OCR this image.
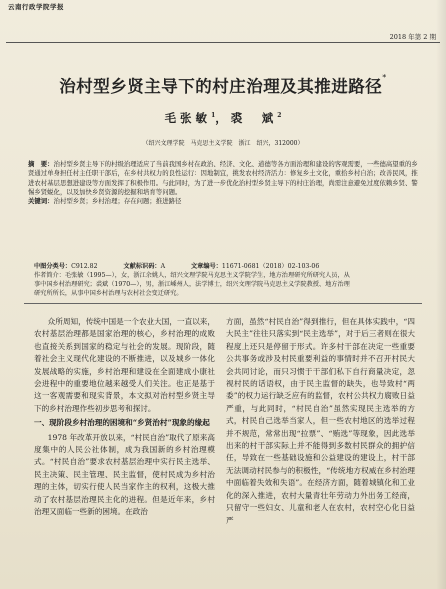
云南行政学院学报
2018 年第 2 期
治村型乡贤主导下的村庄治理及其推进路径*
毛张敏$^1$，裘　斌$^2$
（绍兴文理学院　马克思主义学院　浙江　绍兴，312000）

摘　要：治村型乡贤主导下的村级治理适应了当前我国乡村在政治、经济、文化、道德等各方面治理和建设的客观需要，一些德高望重的乡贤通过单身担任村主任职干部后，在乡村共权力的良性运行：因地制宜，挑发农村经济活力：修复乡土文化，重拾乡村自治；改善民风，推进农村基层思想进建设等方面发挥了积极作用。与此同时，为了进一步优化治村型乡贤主导下的村庄治理，尚需注意避免过度依赖乡贤、警惕乡贤蜕化，以及加快乡贤资源的挖掘和培育等问题。

关键词：治村型乡贤；乡村治理；存在问题；推进路径

中图分类号：C912.82	文献标识码：A	文章编号：11671-0681（2018）02-103-06
作者简介：毛张敏（1995—），女，浙江余姚人，绍兴文理学院马克思主义学院学生，地方治理研究所研究人员，从
事中国乡村治理研究；裘斌（1970—），男，浙江嵊州人，法学博士，绍兴文理学院马克思主义学院教授、地方治理
研究所所长，从事中国乡村治理与农村社会变迁研究。

众所周知，传统中国是一个农业大国，一直以来，农村基层治理都是国家治理的核心，乡村治理的成败也直接关系到国家的稳定与社会的发展。现阶段，随着社会主义现代化建设的不断推进，以及城乡一体化发展战略的实施，乡村治理和建设在全面建成小康社会进程中的重要地位越来越受人们关注。也正是基于这一客观需要和现实背景，本文拟对治村型乡贤主导下的乡村治理作些初步思考和探讨。

一、现阶段乡村治理的困境和“乡贤治村”现象的缘起

1978 年改革开放以来，“村民自治”取代了原来高度集中的人民公社体制，成为我国新的乡村治理模式。“村民自治”要求农村基层治理中实行民主选举、民主决策、民主管理、民主监督，使村民成为乡村治理的主体，切实行使人民当家作主的权利，这极大推动了农村基层治理民主化的进程。但是近年来，乡村治理又面临一些新的困境。在政治

方面，虽然“村民自治”得到推行，但在具体实践中，“四大民主”往往只落实到“民主选举”，对于后三者则在很大程度上还只是停留于形式。许多村干部在决定一些重要公共事务或涉及村民重要利益的事情时并不召开村民大会共同讨论，而只习惯于干部们私下自行商量决定，忽视村民的话语权，由于民主监督的缺失，也导致村“两委”的权力运行缺乏应有的监督，农村公共权力腐败日益严重，与此同时，“村民自治”虽然实现民主选举的方式，村民自己选举当家人，但一些农村地区的选举过程并不规范，常常出现“拉票”、“贿选”等现象，因此选举出来的村干部实际上并不能得到多数村民群众的拥护信任，导致在一些基础设施和公益建设的建设上，村干部无法调动村民参与的积极性，“传统地方权威在乡村治理中面临着失效和失语”。在经济方面，随着城镇化和工业化的深入推进，农村大量青壮年劳动力外出务工经商，只留守一些妇女、儿童和老人在农村，农村空心化日益严
